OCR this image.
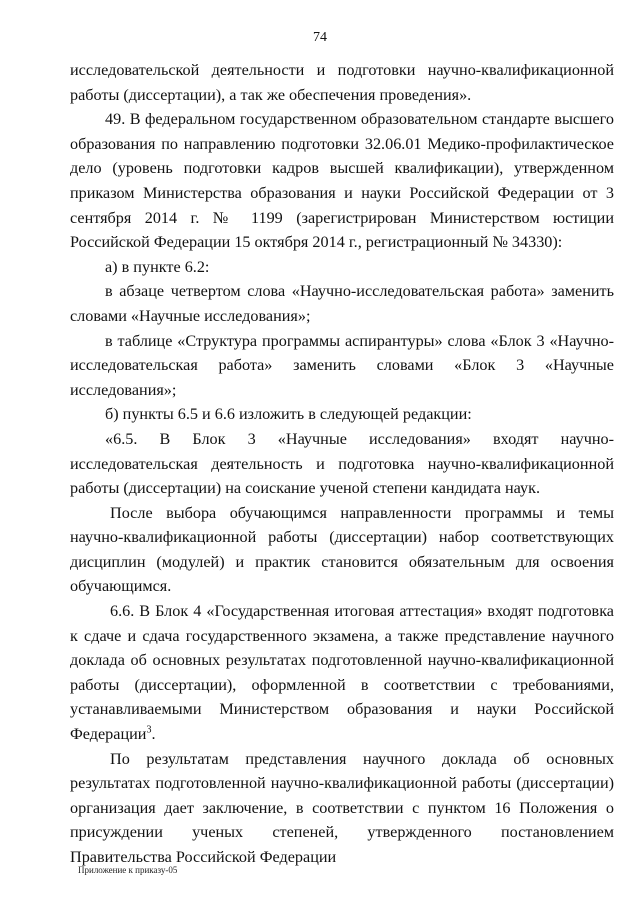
74

исследовательской деятельности и подготовки научно-квалификационной работы (диссертации), а так же обеспечения проведения».

49. В федеральном государственном образовательном стандарте высшего образования по направлению подготовки 32.06.01 Медико-профилактическое дело (уровень подготовки кадров высшей квалификации), утвержденном приказом Министерства образования и науки Российской Федерации от 3 сентября 2014 г. № 1199 (зарегистрирован Министерством юстиции Российской Федерации 15 октября 2014 г., регистрационный № 34330):

а) в пункте 6.2:

в абзаце четвертом слова «Научно-исследовательская работа» заменить словами «Научные исследования»;

в таблице «Структура программы аспирантуры» слова «Блок 3 «Научно-исследовательская работа» заменить словами «Блок 3 «Научные исследования»;

б) пункты 6.5 и 6.6 изложить в следующей редакции:

«6.5. В Блок 3 «Научные исследования» входят научно-исследовательская деятельность и подготовка научно-квалификационной работы (диссертации) на соискание ученой степени кандидата наук.

После выбора обучающимся направленности программы и темы научно-квалификационной работы (диссертации) набор соответствующих дисциплин (модулей) и практик становится обязательным для освоения обучающимся.

6.6. В Блок 4 «Государственная итоговая аттестация» входят подготовка к сдаче и сдача государственного экзамена, а также представление научного доклада об основных результатах подготовленной научно-квалификационной работы (диссертации), оформленной в соответствии с требованиями, устанавливаемыми Министерством образования и науки Российской Федерации$^3$.

По результатам представления научного доклада об основных результатах подготовленной научно-квалификационной работы (диссертации) организация дает заключение, в соответствии с пунктом 16 Положения о присуждении ученых степеней, утвержденного постановлением Правительства Российской Федерации

Приложение к приказу-05
